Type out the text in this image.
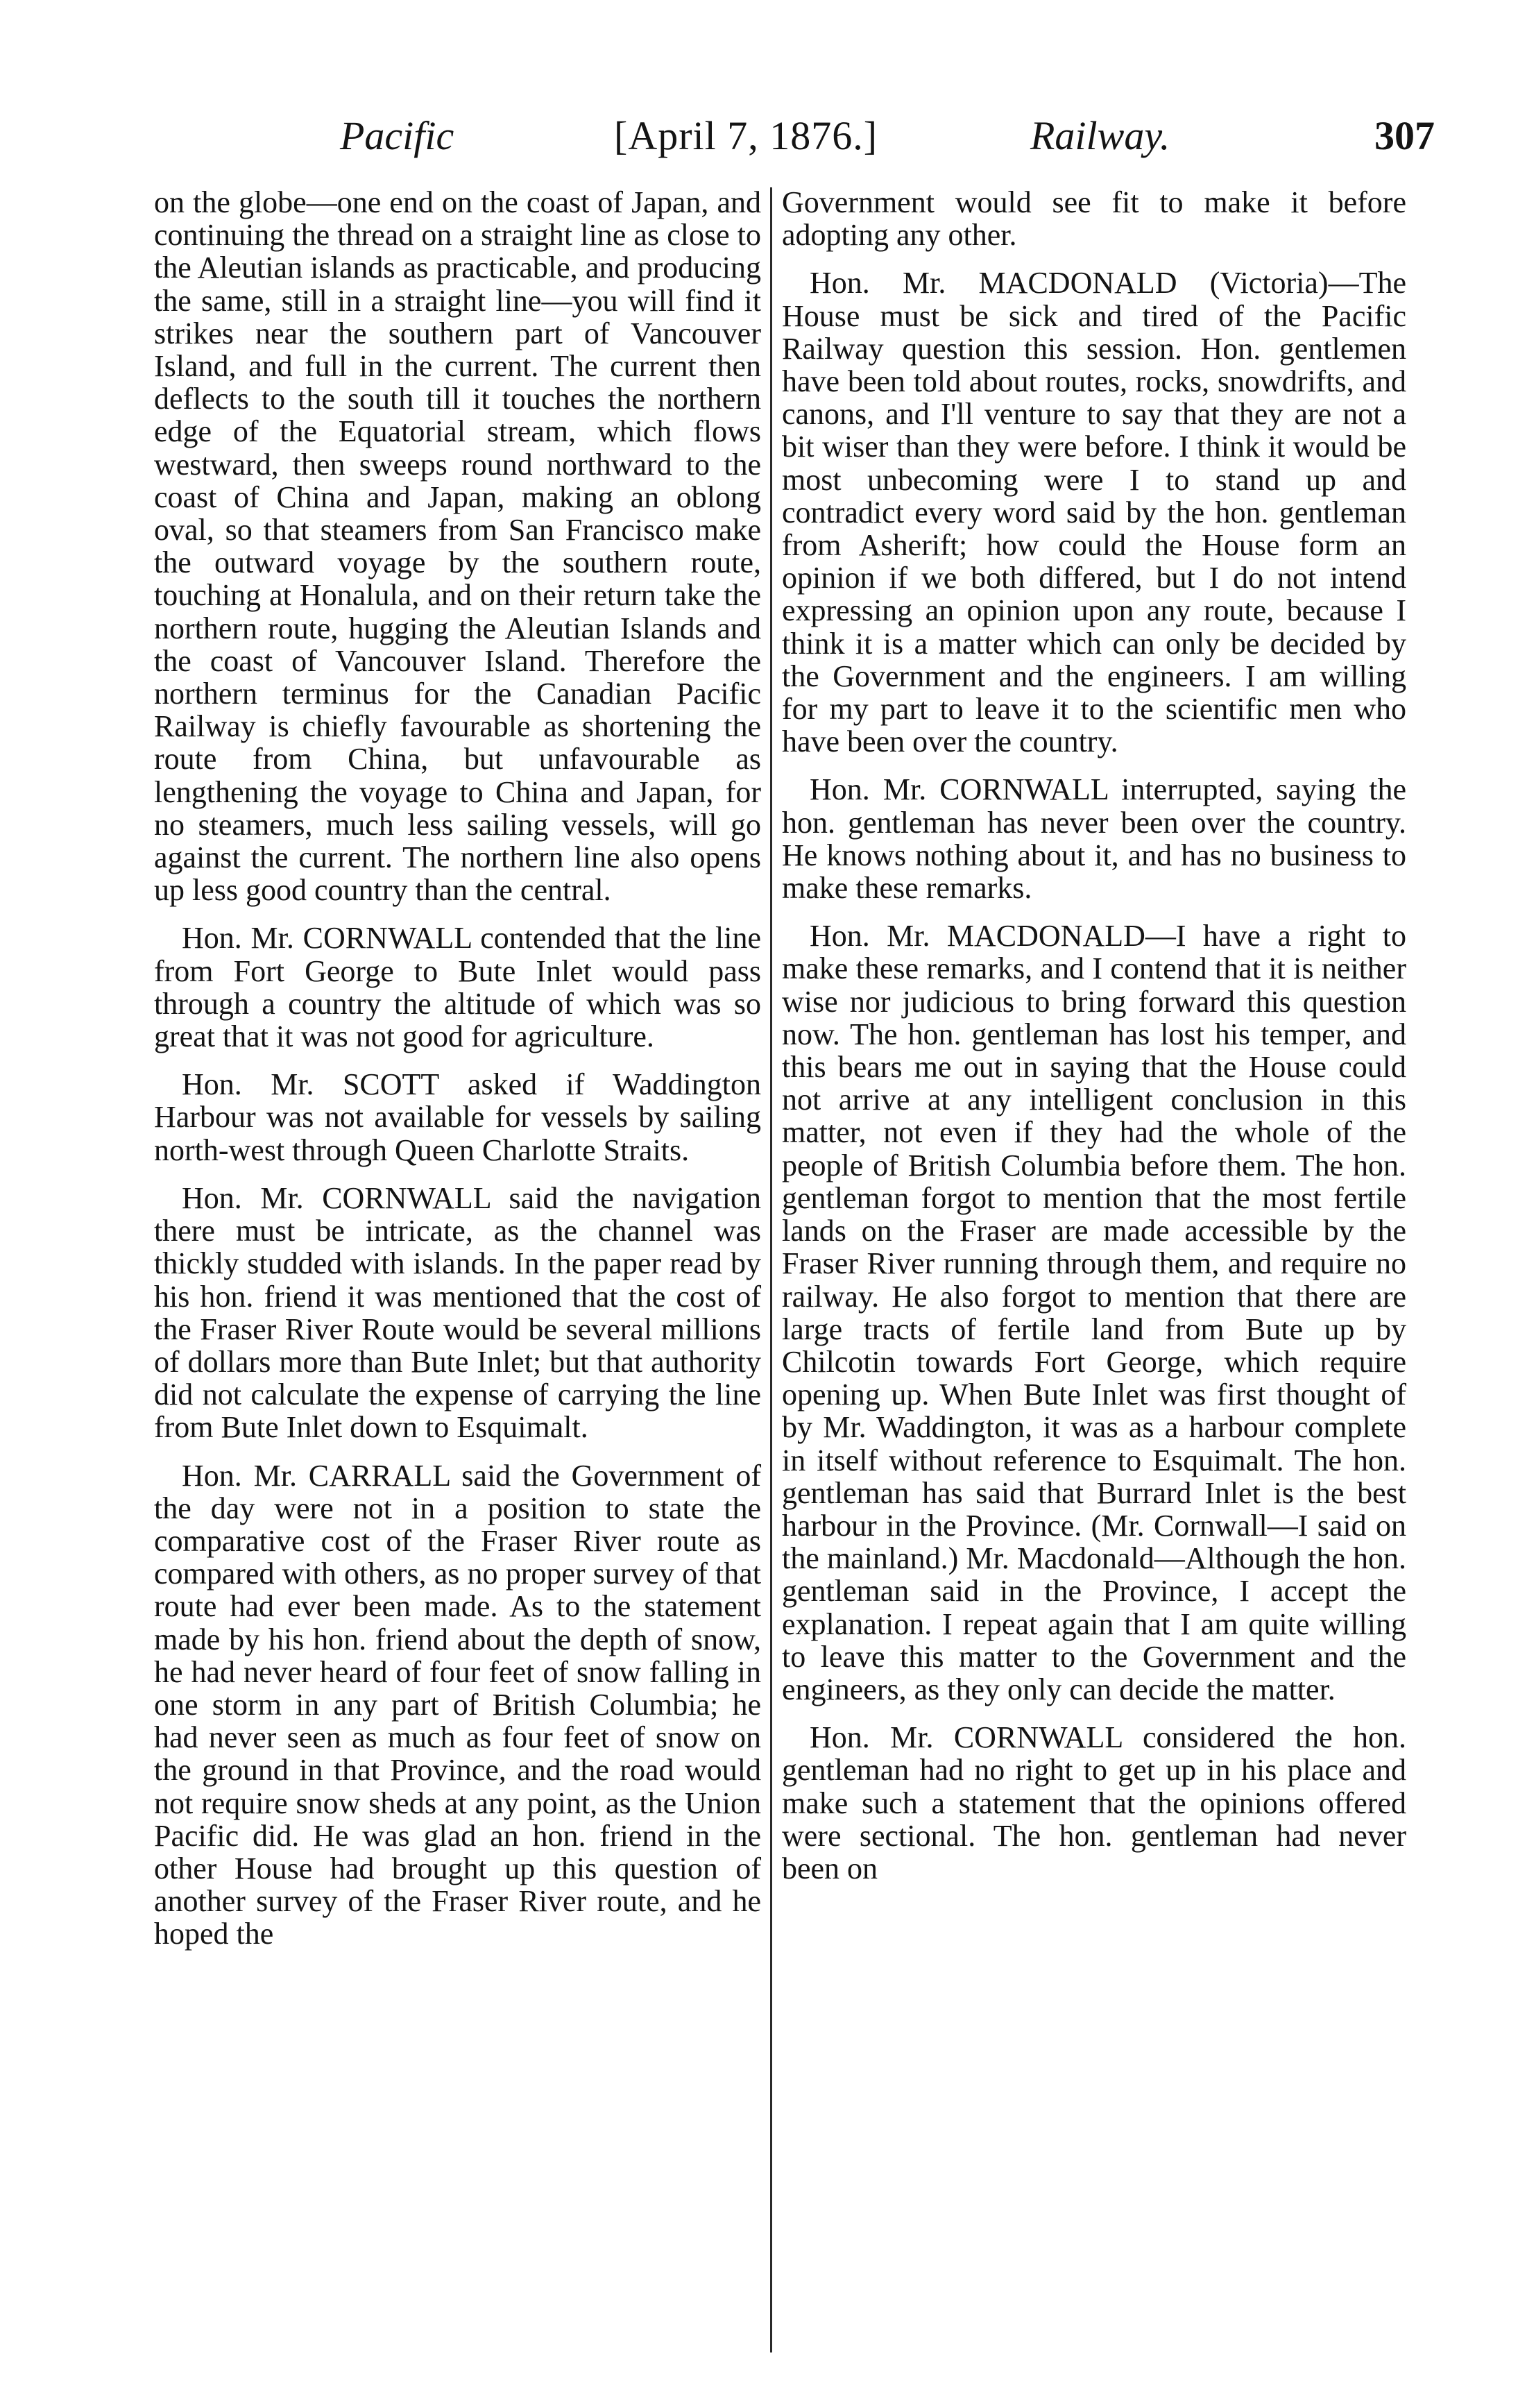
Pacific	[April 7, 1876.]	Railway.	307

on the globe—one end on the coast of Japan, and continuing the thread on a straight line as close to the Aleutian islands as practicable, and producing the same, still in a straight line—you will find it strikes near the southern part of Vancouver Island, and full in the current. The current then deflects to the south till it touches the northern edge of the Equatorial stream, which flows westward, then sweeps round northward to the coast of China and Japan, making an oblong oval, so that steamers from San Francisco make the outward voyage by the southern route, touching at Honalula, and on their return take the northern route, hugging the Aleutian Islands and the coast of Vancouver Island. Therefore the northern terminus for the Canadian Pacific Railway is chiefly favourable as shortening the route from China, but unfavourable as lengthening the voyage to China and Japan, for no steamers, much less sailing vessels, will go against the current. The northern line also opens up less good country than the central.

Hon. Mr. CORNWALL contended that the line from Fort George to Bute Inlet would pass through a country the altitude of which was so great that it was not good for agriculture.

Hon. Mr. SCOTT asked if Waddington Harbour was not available for vessels by sailing north-west through Queen Charlotte Straits.

Hon. Mr. CORNWALL said the navigation there must be intricate, as the channel was thickly studded with islands. In the paper read by his hon. friend it was mentioned that the cost of the Fraser River Route would be several millions of dollars more than Bute Inlet; but that authority did not calculate the expense of carrying the line from Bute Inlet down to Esquimalt.

Hon. Mr. CARRALL said the Government of the day were not in a position to state the comparative cost of the Fraser River route as compared with others, as no proper survey of that route had ever been made. As to the statement made by his hon. friend about the depth of snow, he had never heard of four feet of snow falling in one storm in any part of British Columbia; he had never seen as much as four feet of snow on the ground in that Province, and the road would not require snow sheds at any point, as the Union Pacific did. He was glad an hon. friend in the other House had brought up this question of another survey of the Fraser River route, and he hoped the

Government would see fit to make it before adopting any other.

Hon. Mr. MACDONALD (Victoria)—The House must be sick and tired of the Pacific Railway question this session. Hon. gentlemen have been told about routes, rocks, snowdrifts, and canons, and I'll venture to say that they are not a bit wiser than they were before. I think it would be most unbecoming were I to stand up and contradict every word said by the hon. gentleman from Asherift; how could the House form an opinion if we both differed, but I do not intend expressing an opinion upon any route, because I think it is a matter which can only be decided by the Government and the engineers. I am willing for my part to leave it to the scientific men who have been over the country.

Hon. Mr. CORNWALL interrupted, saying the hon. gentleman has never been over the country. He knows nothing about it, and has no business to make these remarks.

Hon. Mr. MACDONALD—I have a right to make these remarks, and I contend that it is neither wise nor judicious to bring forward this question now. The hon. gentleman has lost his temper, and this bears me out in saying that the House could not arrive at any intelligent conclusion in this matter, not even if they had the whole of the people of British Columbia before them. The hon. gentleman forgot to mention that the most fertile lands on the Fraser are made accessible by the Fraser River running through them, and require no railway. He also forgot to mention that there are large tracts of fertile land from Bute up by Chilcotin towards Fort George, which require opening up. When Bute Inlet was first thought of by Mr. Waddington, it was as a harbour complete in itself without reference to Esquimalt. The hon. gentleman has said that Burrard Inlet is the best harbour in the Province. (Mr. Cornwall—I said on the mainland.) Mr. Macdonald—Although the hon. gentleman said in the Province, I accept the explanation. I repeat again that I am quite willing to leave this matter to the Government and the engineers, as they only can decide the matter.

Hon. Mr. CORNWALL considered the hon. gentleman had no right to get up in his place and make such a statement that the opinions offered were sectional. The hon. gentleman had never been on
